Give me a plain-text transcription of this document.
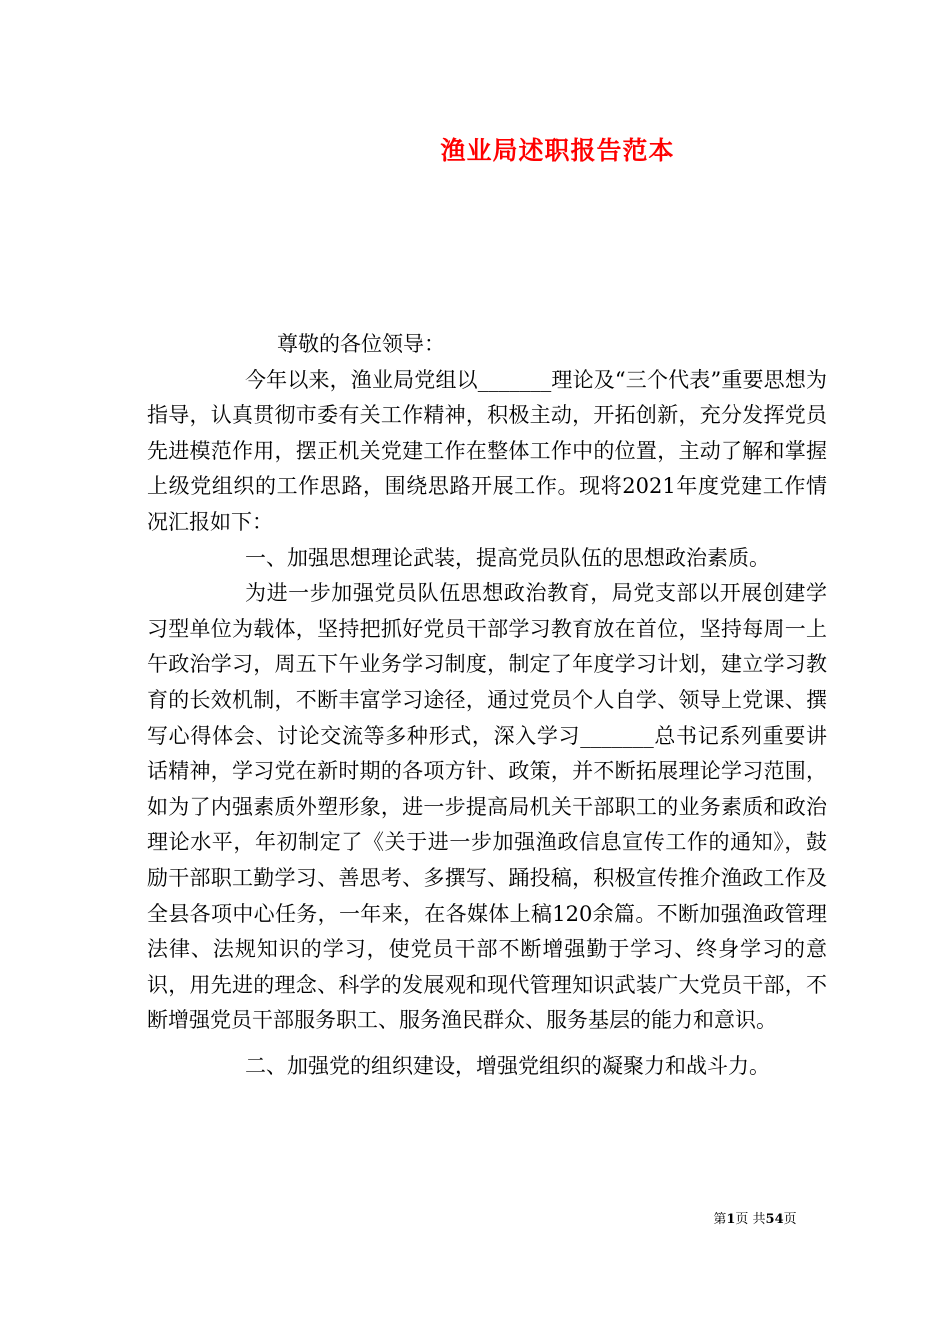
渔业局述职报告范本

尊敬的各位领导：

今年以来，渔业局党组以_______理论及“三个代表”重要思想为指导，认真贯彻市委有关工作精神，积极主动，开拓创新，充分发挥党员先进模范作用，摆正机关党建工作在整体工作中的位置，主动了解和掌握上级党组织的工作思路，围绕思路开展工作。现将2021年度党建工作情况汇报如下：

一、加强思想理论武装，提高党员队伍的思想政治素质。

为进一步加强党员队伍思想政治教育，局党支部以开展创建学习型单位为载体，坚持把抓好党员干部学习教育放在首位，坚持每周一上午政治学习，周五下午业务学习制度，制定了年度学习计划，建立学习教育的长效机制，不断丰富学习途径，通过党员个人自学、领导上党课、撰写心得体会、讨论交流等多种形式，深入学习_______总书记系列重要讲话精神，学习党在新时期的各项方针、政策，并不断拓展理论学习范围，如为了内强素质外塑形象，进一步提高局机关干部职工的业务素质和政治理论水平，年初制定了《关于进一步加强渔政信息宣传工作的通知》，鼓励干部职工勤学习、善思考、多撰写、踊投稿，积极宣传推介渔政工作及全县各项中心任务，一年来，在各媒体上稿120余篇。不断加强渔政管理法律、法规知识的学习，使党员干部不断增强勤于学习、终身学习的意识，用先进的理念、科学的发展观和现代管理知识武装广大党员干部，不断增强党员干部服务职工、服务渔民群众、服务基层的能力和意识。

二、加强党的组织建设，增强党组织的凝聚力和战斗力。

第1页 共54页
